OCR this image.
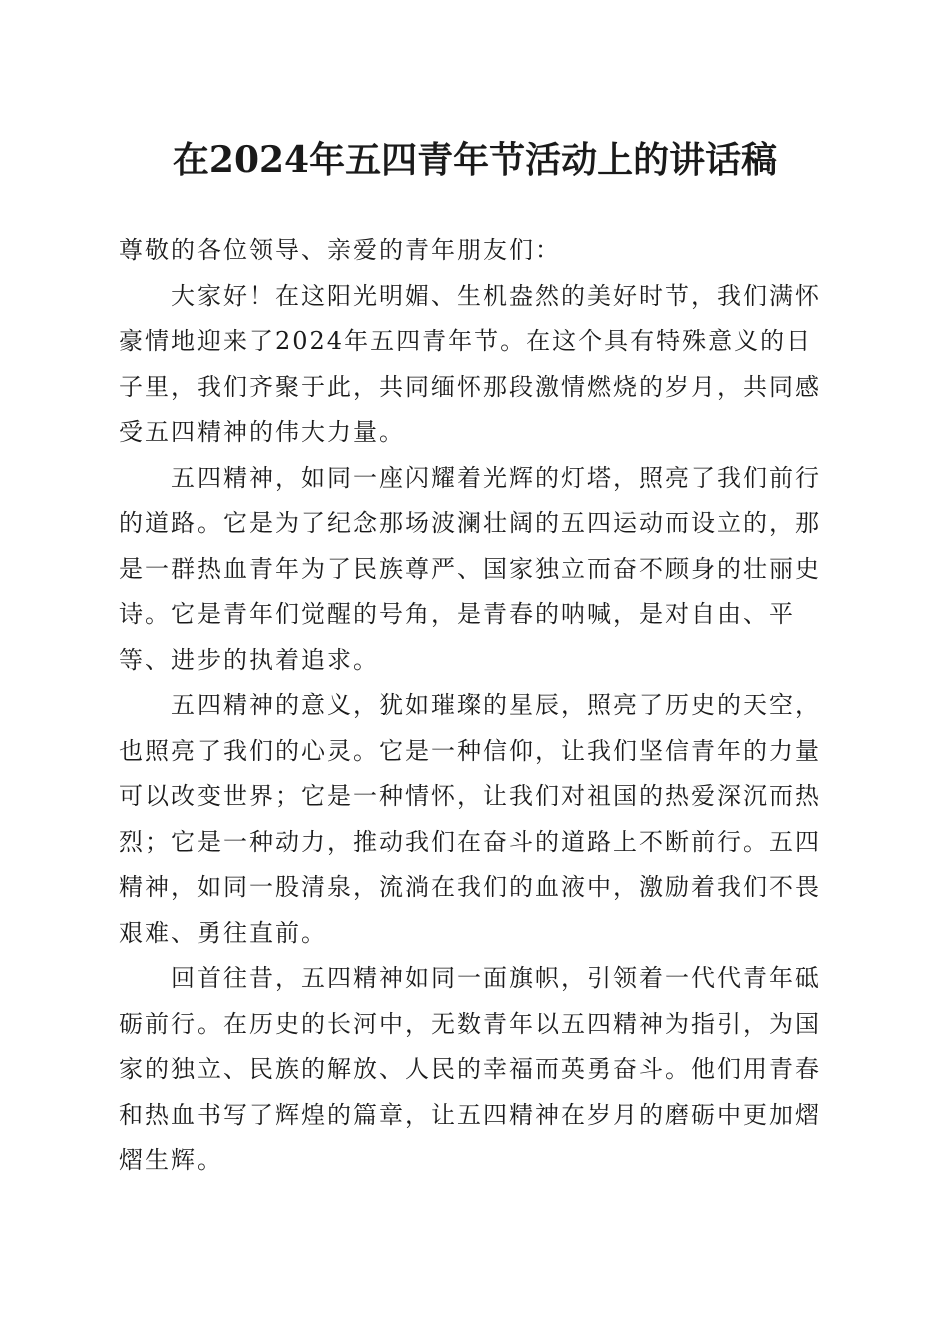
在2024年五四青年节活动上的讲话稿

尊敬的各位领导、亲爱的青年朋友们：

大家好！在这阳光明媚、生机盎然的美好时节，我们满怀豪情地迎来了2024年五四青年节。在这个具有特殊意义的日子里，我们齐聚于此，共同缅怀那段激情燃烧的岁月，共同感受五四精神的伟大力量。

五四精神，如同一座闪耀着光辉的灯塔，照亮了我们前行的道路。它是为了纪念那场波澜壮阔的五四运动而设立的，那是一群热血青年为了民族尊严、国家独立而奋不顾身的壮丽史诗。它是青年们觉醒的号角，是青春的呐喊，是对自由、平等、进步的执着追求。

五四精神的意义，犹如璀璨的星辰，照亮了历史的天空，也照亮了我们的心灵。它是一种信仰，让我们坚信青年的力量可以改变世界；它是一种情怀，让我们对祖国的热爱深沉而热烈；它是一种动力，推动我们在奋斗的道路上不断前行。五四精神，如同一股清泉，流淌在我们的血液中，激励着我们不畏艰难、勇往直前。

回首往昔，五四精神如同一面旗帜，引领着一代代青年砥砺前行。在历史的长河中，无数青年以五四精神为指引，为国家的独立、民族的解放、人民的幸福而英勇奋斗。他们用青春和热血书写了辉煌的篇章，让五四精神在岁月的磨砺中更加熠熠生辉。
